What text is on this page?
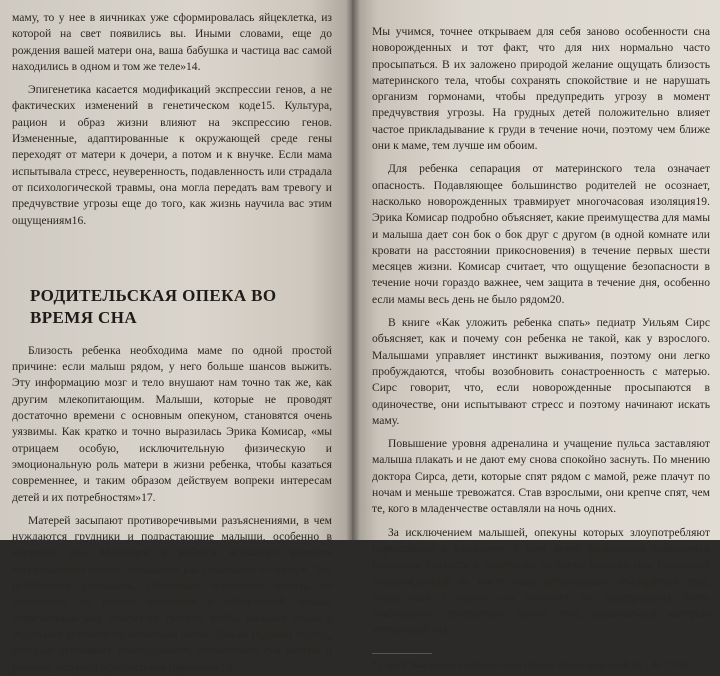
маму, то у нее в яичниках уже сформировалась яйцеклетка, из которой на свет появились вы. Иными словами, еще до рождения вашей матери она, ваша бабушка и частица вас самой находились в одном и том же теле»14.

Эпигенетика касается модификаций экспрессии генов, а не фактических изменений в генетическом коде15. Культура, рацион и образ жизни влияют на экспрессию генов. Измененные, адаптированные к окружающей среде гены переходят от матери к дочери, а потом и к внучке. Если мама испытывала стресс, неуверенность, подавленность или страдала от психологической травмы, она могла передать вам тревогу и предчувствие угрозы еще до того, как жизнь научила вас этим ощущениям16.

РОДИТЕЛЬСКАЯ ОПЕКА ВО ВРЕМЯ СНА

Близость ребенка необходима маме по одной простой причине: если малыш рядом, у него больше шансов выжить. Эту информацию мозг и тело внушают нам точно так же, как другим млекопитающим. Малыши, которые не проводят достаточно времени с основным опекуном, становятся очень уязвимы. Как кратко и точно выразилась Эрика Комисар, «мы отрицаем особую, исключительную физическую и эмоциональную роль матери в жизни ребенка, чтобы казаться современнее, и таким образом действуем вопреки интересам детей и их потребностям»17.

Матерей засыпают противоречивыми разъяснениями, в чем нуждаются грудники и подрастающие малыши, особенно в вопросах сна. Младенец и ребенок ясельного возраста воспринимают момент засыпания как сепарацию от матери. Это необходимо учитывать. Поведение младенцев ничуть не изменилось со времен охотников и собирателей, однако современный мир почему-то требует, чтобы малыши спали в отдельной кроватке по несколько часов. Только недавно подход, который отстаивает необходимость совместного сна матери и ребенка, получил официальное признание18.

Мы учимся, точнее открываем для себя заново особенности сна новорожденных и тот факт, что для них нормально часто просыпаться. В их заложено природой желание ощущать близость материнского тела, чтобы сохранять спокойствие и не нарушать организм гормонами, чтобы предупредить угрозу в момент предчувствия угрозы. На грудных детей положительно влияет частое прикладывание к груди в течение ночи, поэтому чем ближе они к маме, тем лучше им обоим.

Для ребенка сепарация от материнского тела означает опасность. Подавляющее большинство родителей не осознает, насколько новорожденных травмирует многочасовая изоляция19. Эрика Комисар подробно объясняет, какие преимущества для мамы и малыша дает сон бок о бок друг с другом (в одной комнате или кровати на расстоянии прикосновения) в течение первых шести месяцев жизни. Комисар считает, что ощущение безопасности в течение ночи гораздо важнее, чем защита в течение дня, особенно если мамы весь день не было рядом20.

В книге «Как уложить ребенка спать» педиатр Уильям Сирс объясняет, как и почему сон ребенка не такой, как у взрослого. Малышами управляет инстинкт выживания, поэтому они легко пробуждаются, чтобы возобновить сонастроенность с матерью. Сирс говорит, что, если новорожденные просыпаются в одиночестве, они испытывают стресс и поэтому начинают искать маму.

Повышение уровня адреналина и учащение пульса заставляют малыша плакать и не дают ему снова спокойно заснуть. По мнению доктора Сирса, дети, которые спят рядом с мамой, реже плачут по ночам и меньше тревожатся. Став взрослыми, они крепче спят, чем те, кого в младенчестве оставляли на ночь одних.

За исключением малышей, опекуны которых злоупотребляют наркотиками и алкоголем, у всех детей физиология развивается благодаря близости к родителям во время ночного сна. Поскольку новорожденные не могут сами регулировать температуру тела, совместный с мамой сон помогает им поддерживать более стабильную температуру. Кроме того, выдыхаемый матерью углекислый газ

* Сирс У. Как уложить ребенка спать. Ночные заботы родителей. М. : АСТ, 2003.
